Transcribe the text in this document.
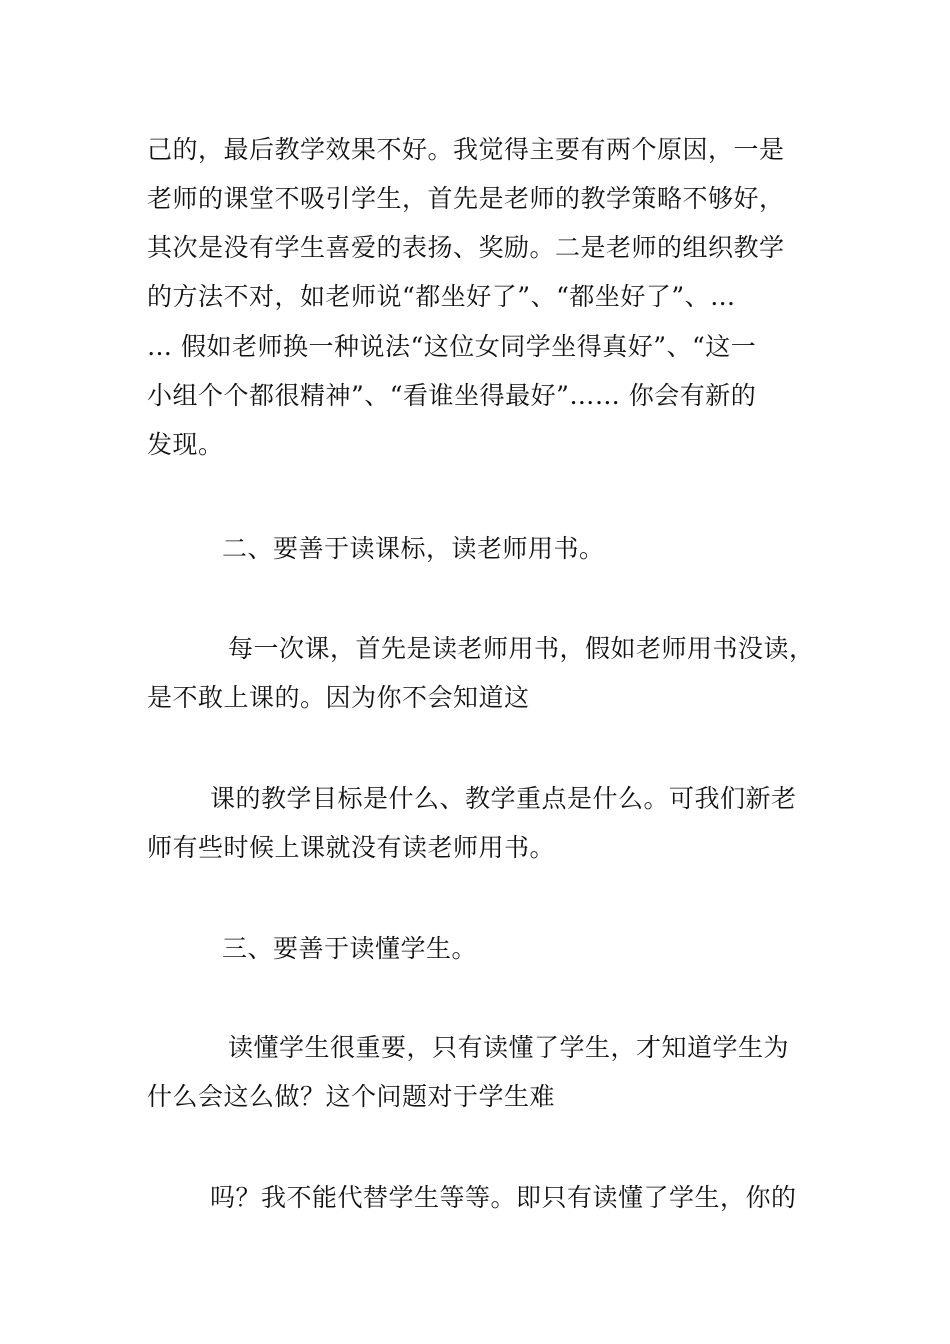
己的，最后教学效果不好。我觉得主要有两个原因，一是
老师的课堂不吸引学生，首先是老师的教学策略不够好，
其次是没有学生喜爱的表扬、奖励。二是老师的组织教学
的方法不对，如老师说“都坐好了”、“都坐好了”、…
… 假如老师换一种说法“这位女同学坐得真好”、“这一
小组个个都很精神”、“看谁坐得最好”…… 你会有新的
发现。
二、要善于读课标，读老师用书。
每一次课，首先是读老师用书，假如老师用书没读，
是不敢上课的。因为你不会知道这
课的教学目标是什么、教学重点是什么。可我们新老
师有些时候上课就没有读老师用书。
三、要善于读懂学生。
读懂学生很重要，只有读懂了学生，才知道学生为
什么会这么做？这个问题对于学生难
吗？我不能代替学生等等。即只有读懂了学生，你的
